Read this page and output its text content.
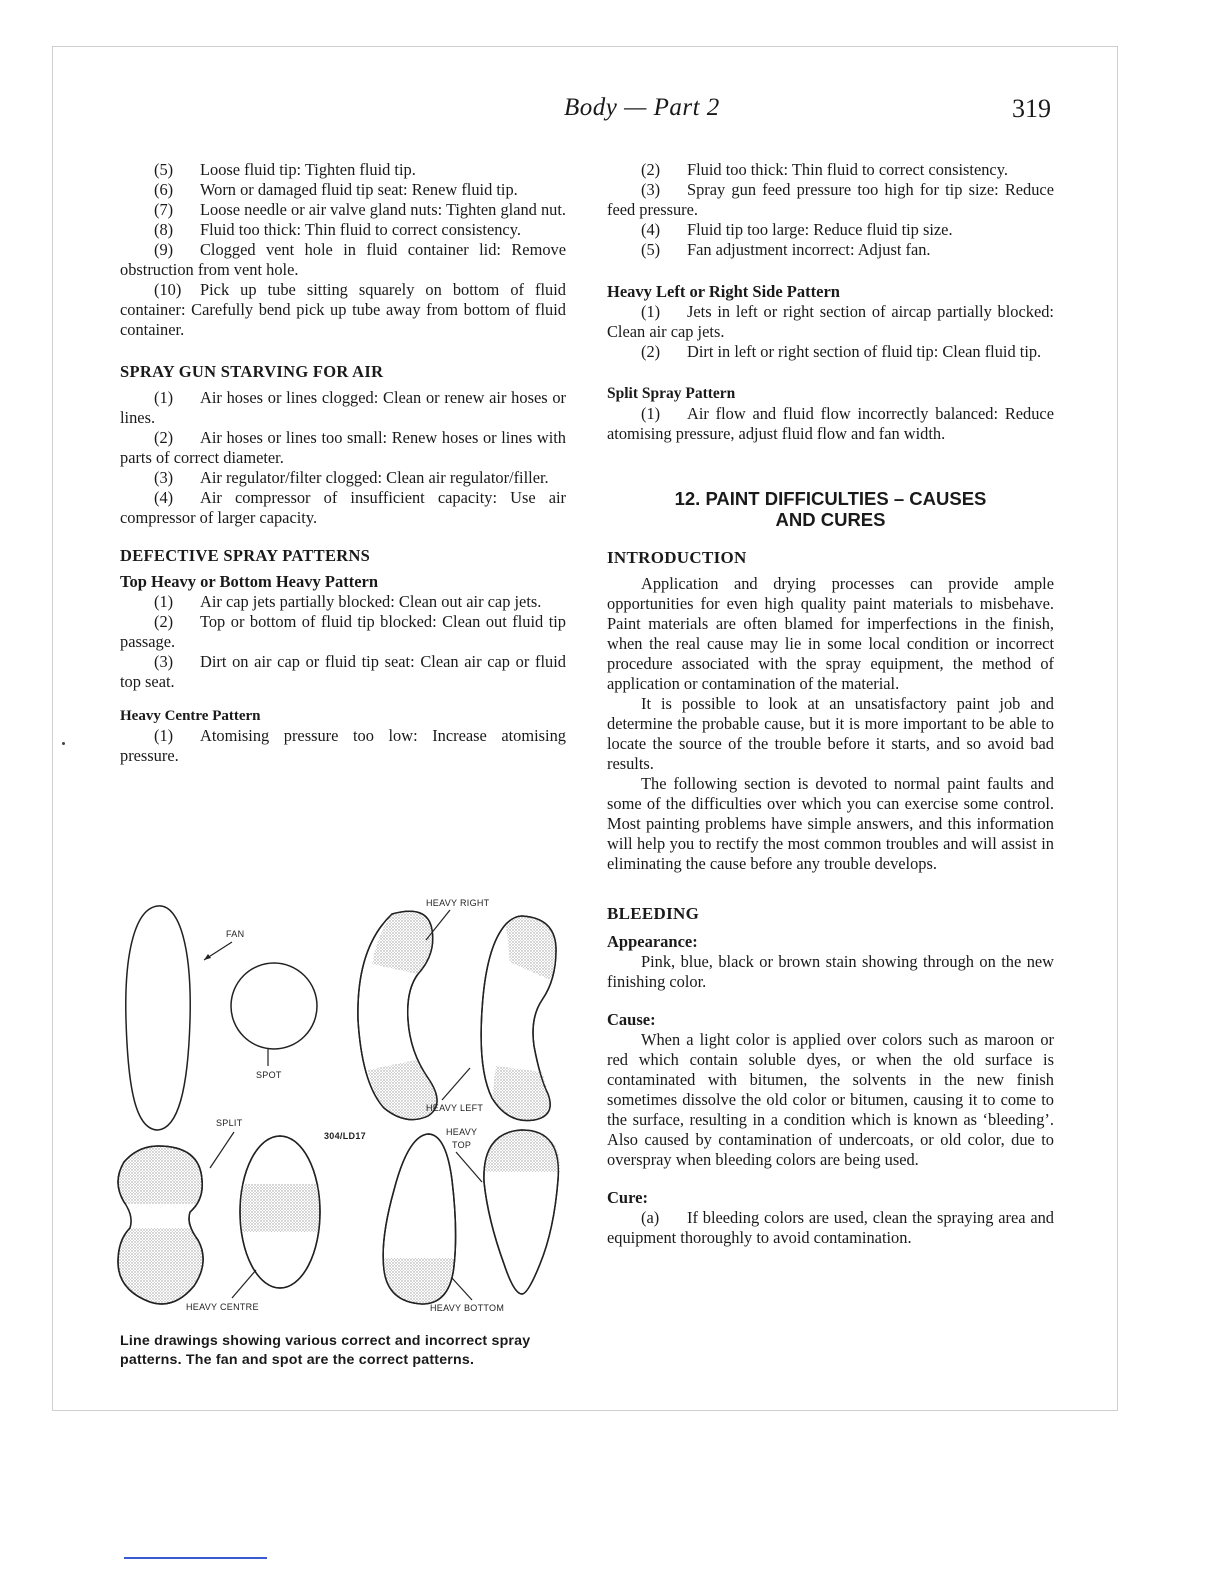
Body — Part 2	319

(5) Loose fluid tip: Tighten fluid tip.

(6) Worn or damaged fluid tip seat: Renew fluid tip.

(7) Loose needle or air valve gland nuts: Tighten gland nut.

(8) Fluid too thick: Thin fluid to correct consistency.

(9) Clogged vent hole in fluid container lid: Remove obstruction from vent hole.

(10) Pick up tube sitting squarely on bottom of fluid container: Carefully bend pick up tube away from bottom of fluid container.

SPRAY GUN STARVING FOR AIR

(1) Air hoses or lines clogged: Clean or renew air hoses or lines.

(2) Air hoses or lines too small: Renew hoses or lines with parts of correct diameter.

(3) Air regulator/filter clogged: Clean air regulator/filler.

(4) Air compressor of insufficient capacity: Use air compressor of larger capacity.

DEFECTIVE SPRAY PATTERNS

Top Heavy or Bottom Heavy Pattern

(1) Air cap jets partially blocked: Clean out air cap jets.

(2) Top or bottom of fluid tip blocked: Clean out fluid tip passage.

(3) Dirt on air cap or fluid tip seat: Clean air cap or fluid top seat.

Heavy Centre Pattern

(1) Atomising pressure too low: Increase atomising pressure.

FAN
SPOT
HEAVY RIGHT
HEAVY LEFT
SPLIT
HEAVY CENTRE
304/LD17	HEAVY
TOP
HEAVY BOTTOM
Line drawings showing various correct and incorrect spray patterns. The fan and spot are the correct patterns.

(2) Fluid too thick: Thin fluid to correct consistency.

(3) Spray gun feed pressure too high for tip size: Reduce feed pressure.

(4) Fluid tip too large: Reduce fluid tip size.

(5) Fan adjustment incorrect: Adjust fan.

Heavy Left or Right Side Pattern

(1) Jets in left or right section of aircap partially blocked: Clean air cap jets.

(2) Dirt in left or right section of fluid tip: Clean fluid tip.

Split Spray Pattern

(1) Air flow and fluid flow incorrectly balanced: Reduce atomising pressure, adjust fluid flow and fan width.

12. PAINT DIFFICULTIES – CAUSES

AND CURES

INTRODUCTION

Application and drying processes can provide ample opportunities for even high quality paint materials to misbehave. Paint materials are often blamed for imperfections in the finish, when the real cause may lie in some local condition or incorrect procedure associated with the spray equipment, the method of application or contamination of the material.

It is possible to look at an unsatisfactory paint job and determine the probable cause, but it is more important to be able to locate the source of the trouble before it starts, and so avoid bad results.

The following section is devoted to normal paint faults and some of the difficulties over which you can exercise some control. Most painting problems have simple answers, and this information will help you to rectify the most common troubles and will assist in eliminating the cause before any trouble develops.

BLEEDING

Appearance:

Pink, blue, black or brown stain showing through on the new finishing color.

Cause:

When a light color is applied over colors such as maroon or red which contain soluble dyes, or when the old surface is contaminated with bitumen, the solvents in the new finish sometimes dissolve the old color or bitumen, causing it to come to the surface, resulting in a condition which is known as ‘bleeding’. Also caused by contamination of undercoats, or old color, due to overspray when bleeding colors are being used.

Cure:

(a) If bleeding colors are used, clean the spraying area and equipment thoroughly to avoid contamination.
